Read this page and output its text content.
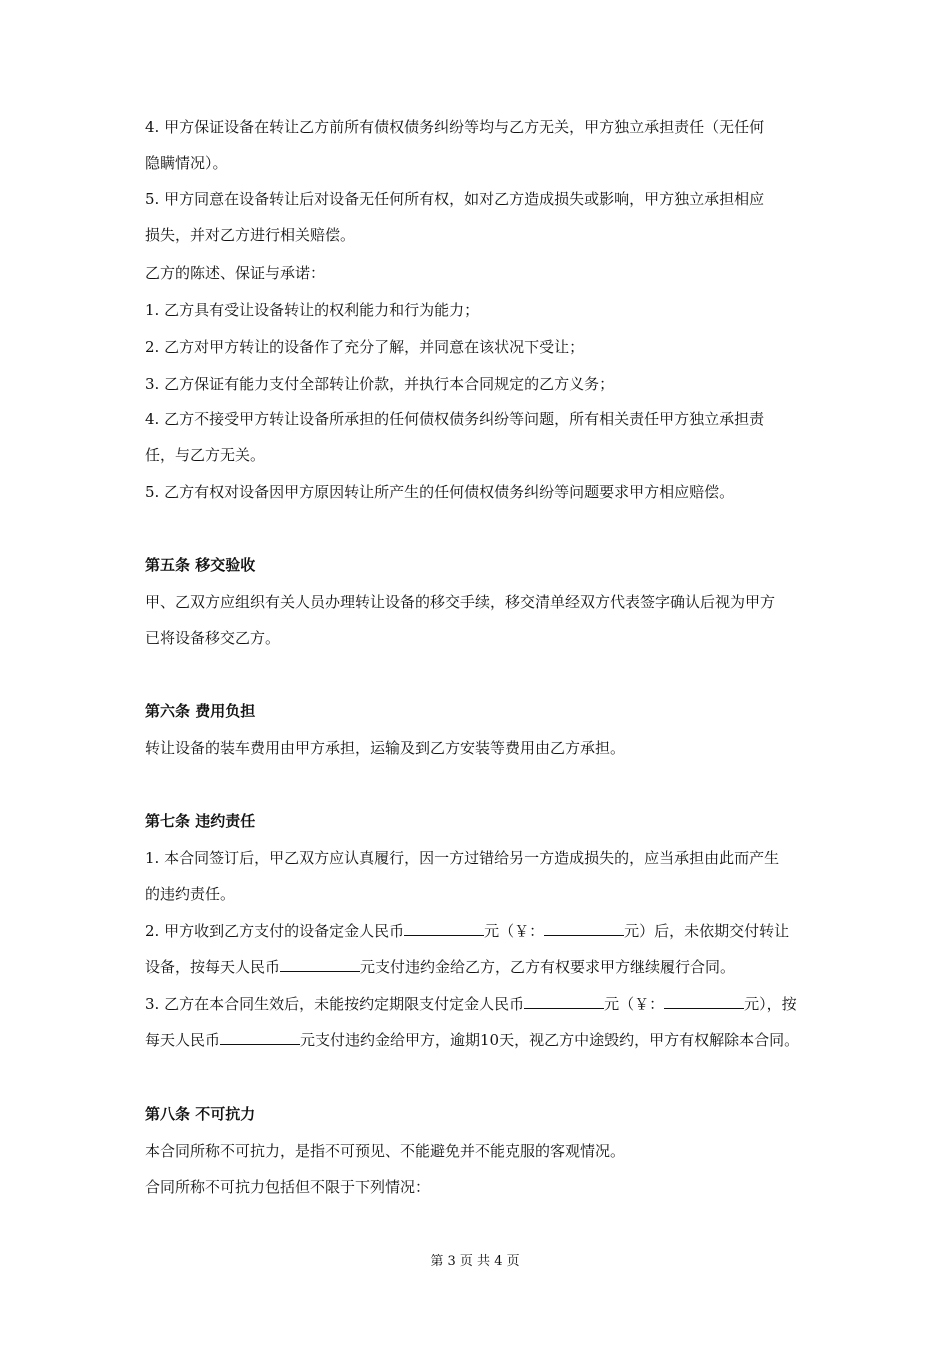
4. 甲方保证设备在转让乙方前所有债权债务纠纷等均与乙方无关，甲方独立承担责任（无任何
隐瞒情况）。
5. 甲方同意在设备转让后对设备无任何所有权，如对乙方造成损失或影响，甲方独立承担相应
损失，并对乙方进行相关赔偿。
乙方的陈述、保证与承诺：
1. 乙方具有受让设备转让的权利能力和行为能力；
2. 乙方对甲方转让的设备作了充分了解，并同意在该状况下受让；
3. 乙方保证有能力支付全部转让价款，并执行本合同规定的乙方义务；
4. 乙方不接受甲方转让设备所承担的任何债权债务纠纷等问题，所有相关责任甲方独立承担责
任，与乙方无关。
5. 乙方有权对设备因甲方原因转让所产生的任何债权债务纠纷等问题要求甲方相应赔偿。
第五条 移交验收
甲、乙双方应组织有关人员办理转让设备的移交手续，移交清单经双方代表签字确认后视为甲方
已将设备移交乙方。
第六条 费用负担
转让设备的装车费用由甲方承担，运输及到乙方安装等费用由乙方承担。
第七条 违约责任
1. 本合同签订后，甲乙双方应认真履行，因一方过错给另一方造成损失的，应当承担由此而产生
的违约责任。
2. 甲方收到乙方支付的设备定金人民币	元（￥：	元）后，未依期交付转让
设备，按每天人民币	元支付违约金给乙方，乙方有权要求甲方继续履行合同。
3. 乙方在本合同生效后，未能按约定期限支付定金人民币	元（￥：	元），按
每天人民币	元支付违约金给甲方，逾期10天，视乙方中途毁约，甲方有权解除本合同。
第八条 不可抗力
本合同所称不可抗力，是指不可预见、不能避免并不能克服的客观情况。
合同所称不可抗力包括但不限于下列情况：
第 3 页 共 4 页
